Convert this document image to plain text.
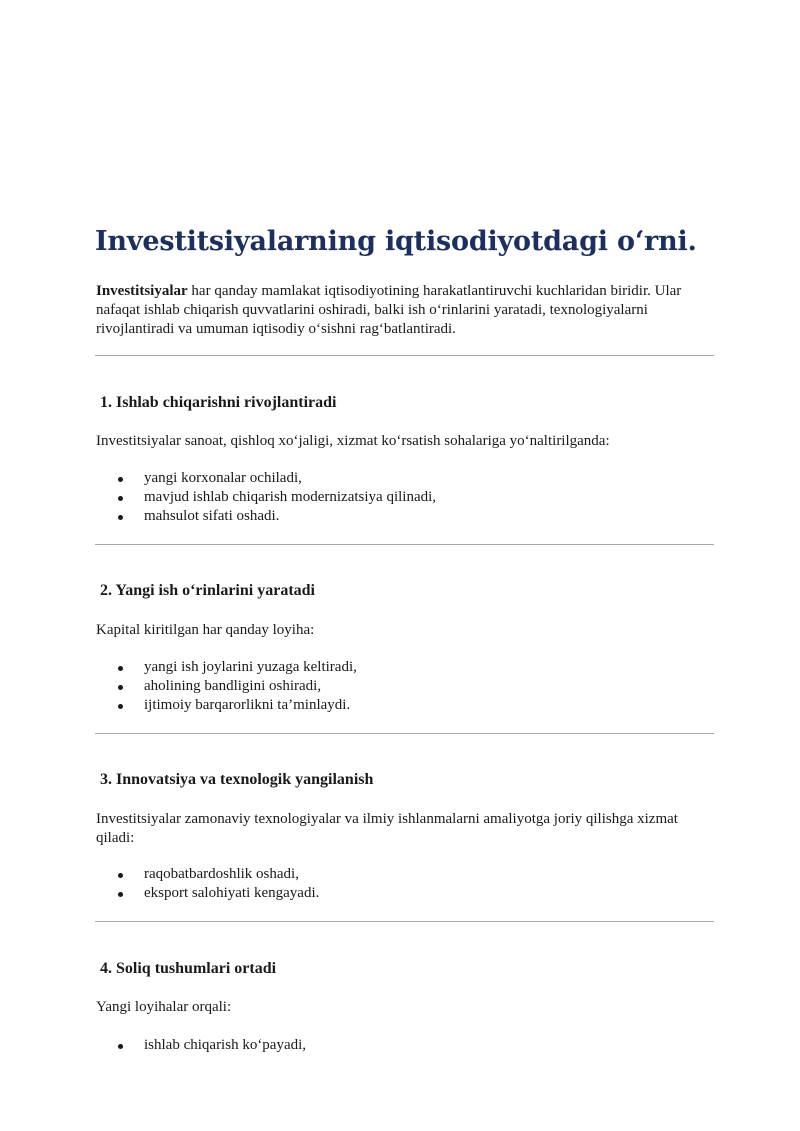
Investitsiyalarning iqtisodiyotdagi o‘rni.

Investitsiyalar har qanday mamlakat iqtisodiyotining harakatlantiruvchi kuchlaridan biridir. Ular nafaqat ishlab chiqarish quvvatlarini oshiradi, balki ish o‘rinlarini yaratadi, texnologiyalarni rivojlantiradi va umuman iqtisodiy o‘sishni rag‘batlantiradi.

1. Ishlab chiqarishni rivojlantiradi

Investitsiyalar sanoat, qishloq xo‘jaligi, xizmat ko‘rsatish sohalariga yo‘naltirilganda:

yangi korxonalar ochiladi,
mavjud ishlab chiqarish modernizatsiya qilinadi,
mahsulot sifati oshadi.
2. Yangi ish o‘rinlarini yaratadi

Kapital kiritilgan har qanday loyiha:

yangi ish joylarini yuzaga keltiradi,
aholining bandligini oshiradi,
ijtimoiy barqarorlikni ta’minlaydi.
3. Innovatsiya va texnologik yangilanish

Investitsiyalar zamonaviy texnologiyalar va ilmiy ishlanmalarni amaliyotga joriy qilishga xizmat qiladi:

raqobatbardoshlik oshadi,
eksport salohiyati kengayadi.
4. Soliq tushumlari ortadi

Yangi loyihalar orqali:

ishlab chiqarish ko‘payadi,
